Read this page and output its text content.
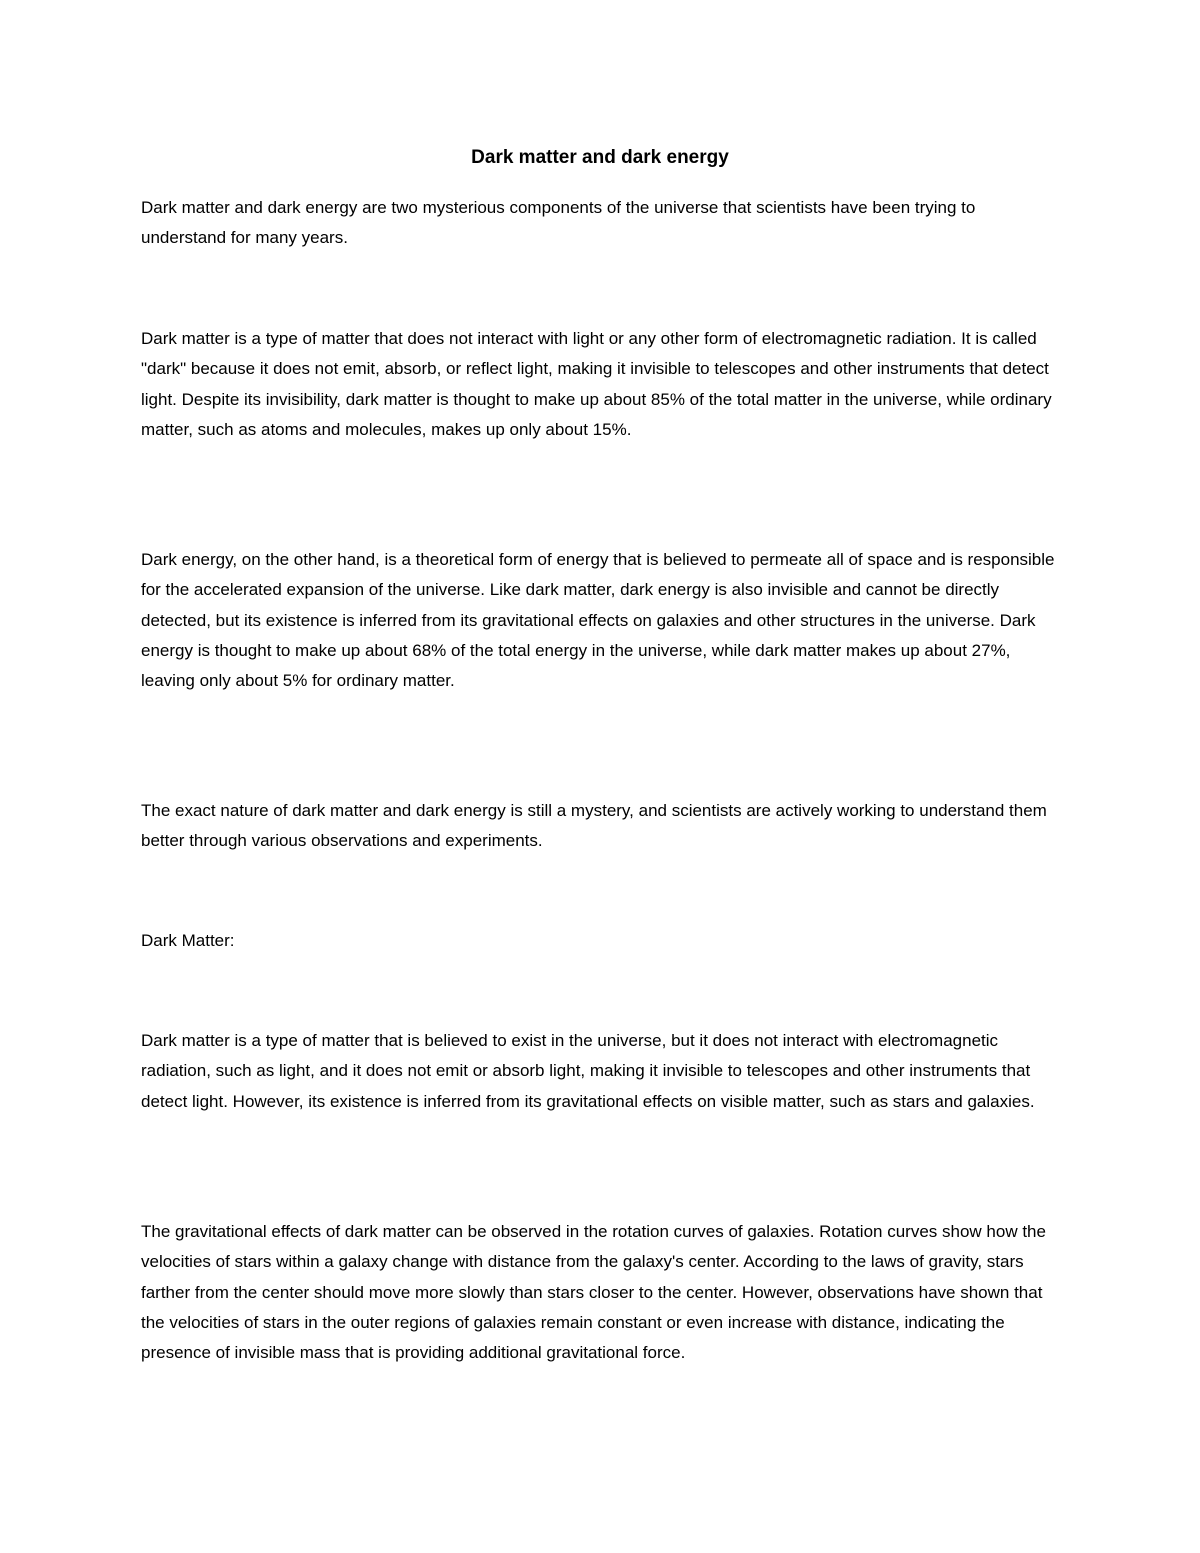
Dark matter and dark energy

Dark matter and dark energy are two mysterious components of the universe that scientists have been trying to understand for many years.

Dark matter is a type of matter that does not interact with light or any other form of electromagnetic radiation. It is called "dark" because it does not emit, absorb, or reflect light, making it invisible to telescopes and other instruments that detect light. Despite its invisibility, dark matter is thought to make up about 85% of the total matter in the universe, while ordinary matter, such as atoms and molecules, makes up only about 15%.

Dark energy, on the other hand, is a theoretical form of energy that is believed to permeate all of space and is responsible for the accelerated expansion of the universe. Like dark matter, dark energy is also invisible and cannot be directly detected, but its existence is inferred from its gravitational effects on galaxies and other structures in the universe. Dark energy is thought to make up about 68% of the total energy in the universe, while dark matter makes up about 27%, leaving only about 5% for ordinary matter.

The exact nature of dark matter and dark energy is still a mystery, and scientists are actively working to understand them better through various observations and experiments.

Dark Matter:

Dark matter is a type of matter that is believed to exist in the universe, but it does not interact with electromagnetic radiation, such as light, and it does not emit or absorb light, making it invisible to telescopes and other instruments that detect light. However, its existence is inferred from its gravitational effects on visible matter, such as stars and galaxies.

The gravitational effects of dark matter can be observed in the rotation curves of galaxies. Rotation curves show how the velocities of stars within a galaxy change with distance from the galaxy's center. According to the laws of gravity, stars farther from the center should move more slowly than stars closer to the center. However, observations have shown that the velocities of stars in the outer regions of galaxies remain constant or even increase with distance, indicating the presence of invisible mass that is providing additional gravitational force.
